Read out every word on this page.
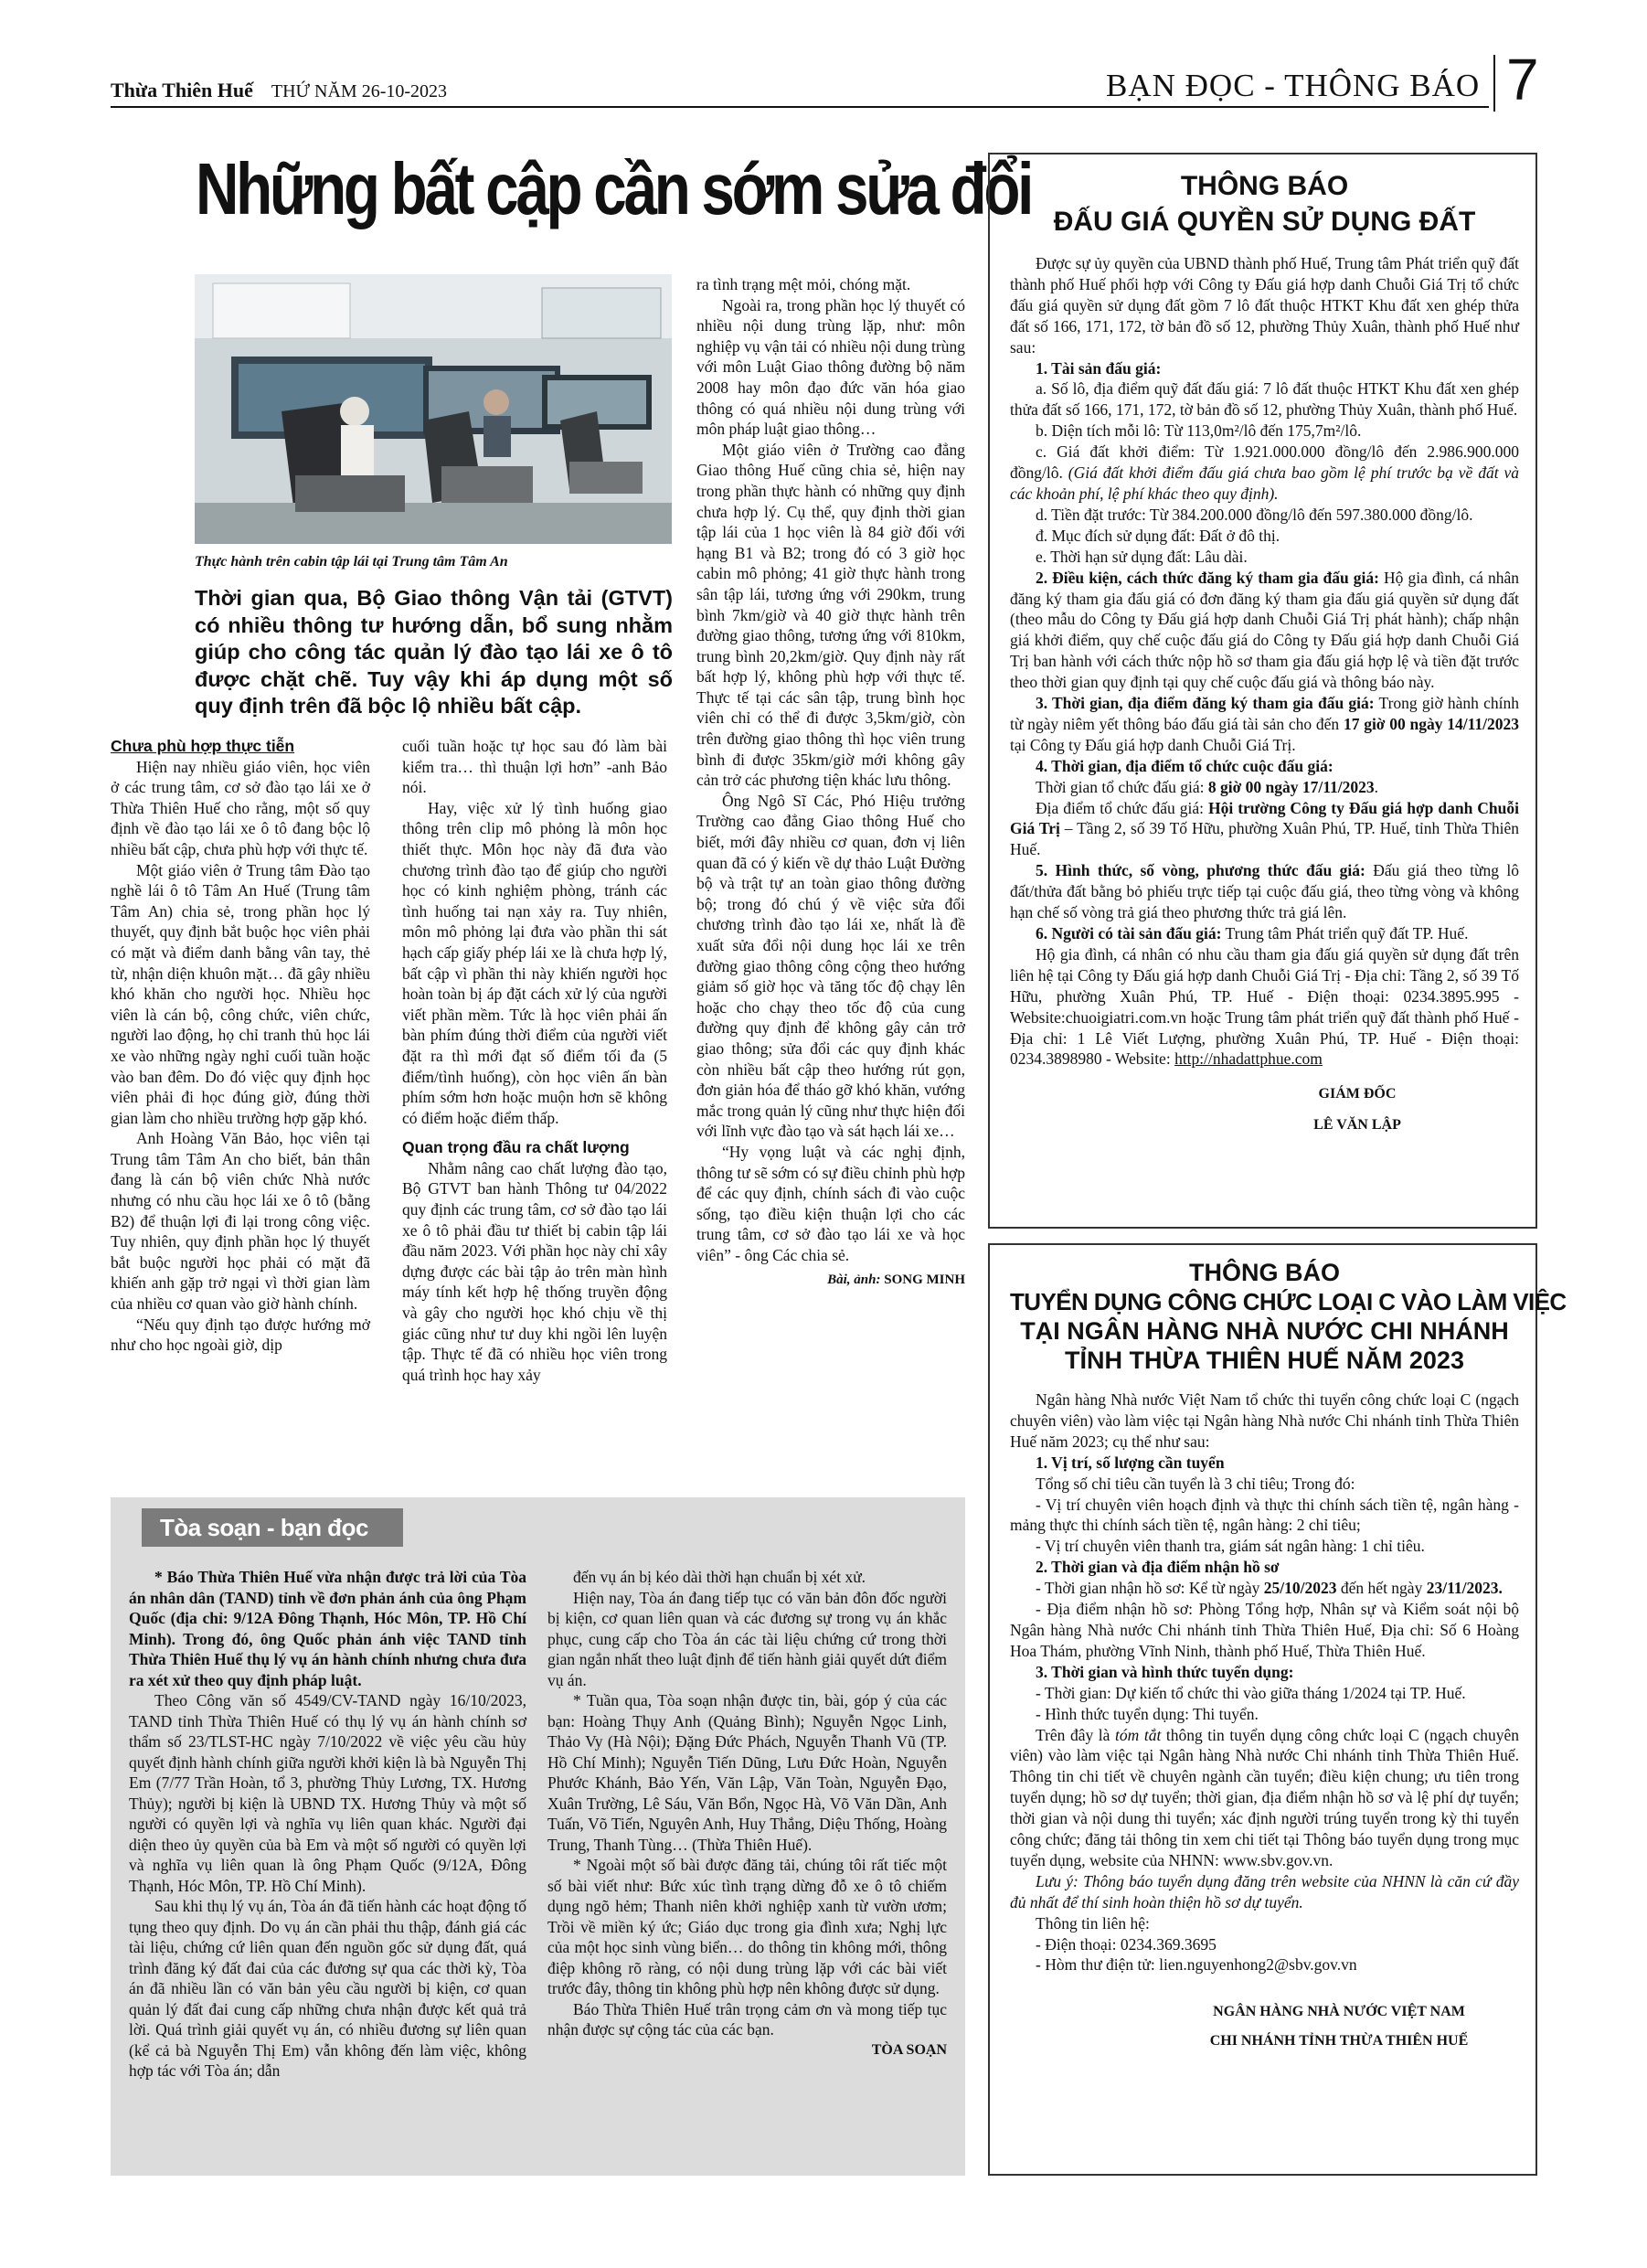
Thừa Thiên Huế THỨ NĂM 26-10-2023	BẠN ĐỌC - THÔNG BÁO 7
Những bất cập cần sớm sửa đổi
Thực hành trên cabin tập lái tại Trung tâm Tâm An
Thời gian qua, Bộ Giao thông Vận tải (GTVT) có nhiều thông tư hướng dẫn, bổ sung nhằm giúp cho công tác quản lý đào tạo lái xe ô tô được chặt chẽ. Tuy vậy khi áp dụng một số quy định trên đã bộc lộ nhiều bất cập.

Chưa phù hợp thực tiễn

Hiện nay nhiều giáo viên, học viên ở các trung tâm, cơ sở đào tạo lái xe ở Thừa Thiên Huế cho rằng, một số quy định về đào tạo lái xe ô tô đang bộc lộ nhiều bất cập, chưa phù hợp với thực tế.

Một giáo viên ở Trung tâm Đào tạo nghề lái ô tô Tâm An Huế (Trung tâm Tâm An) chia sẻ, trong phần học lý thuyết, quy định bắt buộc học viên phải có mặt và điểm danh bằng vân tay, thẻ từ, nhận diện khuôn mặt… đã gây nhiều khó khăn cho người học. Nhiều học viên là cán bộ, công chức, viên chức, người lao động, họ chỉ tranh thủ học lái xe vào những ngày nghỉ cuối tuần hoặc vào ban đêm. Do đó việc quy định học viên phải đi học đúng giờ, đúng thời gian làm cho nhiều trường hợp gặp khó.

Anh Hoàng Văn Bảo, học viên tại Trung tâm Tâm An cho biết, bản thân đang là cán bộ viên chức Nhà nước nhưng có nhu cầu học lái xe ô tô (bằng B2) để thuận lợi đi lại trong công việc. Tuy nhiên, quy định phần học lý thuyết bắt buộc người học phải có mặt đã khiến anh gặp trở ngại vì thời gian làm của nhiều cơ quan vào giờ hành chính.

“Nếu quy định tạo được hướng mở như cho học ngoài giờ, dịp

cuối tuần hoặc tự học sau đó làm bài kiểm tra… thì thuận lợi hơn” -anh Bảo nói.

Hay, việc xử lý tình huống giao thông trên clip mô phỏng là môn học thiết thực. Môn học này đã đưa vào chương trình đào tạo để giúp cho người học có kinh nghiệm phòng, tránh các tình huống tai nạn xảy ra. Tuy nhiên, môn mô phỏng lại đưa vào phần thi sát hạch cấp giấy phép lái xe là chưa hợp lý, bất cập vì phần thi này khiến người học hoàn toàn bị áp đặt cách xử lý của người viết phần mềm. Tức là học viên phải ấn bàn phím đúng thời điểm của người viết đặt ra thì mới đạt số điểm tối đa (5 điểm/tình huống), còn học viên ấn bàn phím sớm hơn hoặc muộn hơn sẽ không có điểm hoặc điểm thấp.

Quan trọng đầu ra chất lượng

Nhằm nâng cao chất lượng đào tạo, Bộ GTVT ban hành Thông tư 04/2022 quy định các trung tâm, cơ sở đào tạo lái xe ô tô phải đầu tư thiết bị cabin tập lái đầu năm 2023. Với phần học này chỉ xây dựng được các bài tập ảo trên màn hình máy tính kết hợp hệ thống truyền động và gây cho người học khó chịu về thị giác cũng như tư duy khi ngồi lên luyện tập. Thực tế đã có nhiều học viên trong quá trình học hay xảy

ra tình trạng mệt mỏi, chóng mặt.

Ngoài ra, trong phần học lý thuyết có nhiều nội dung trùng lặp, như: môn nghiệp vụ vận tải có nhiều nội dung trùng với môn Luật Giao thông đường bộ năm 2008 hay môn đạo đức văn hóa giao thông có quá nhiều nội dung trùng với môn pháp luật giao thông…

Một giáo viên ở Trường cao đẳng Giao thông Huế cũng chia sẻ, hiện nay trong phần thực hành có những quy định chưa hợp lý. Cụ thể, quy định thời gian tập lái của 1 học viên là 84 giờ đối với hạng B1 và B2; trong đó có 3 giờ học cabin mô phỏng; 41 giờ thực hành trong sân tập lái, tương ứng với 290km, trung bình 7km/giờ và 40 giờ thực hành trên đường giao thông, tương ứng với 810km, trung bình 20,2km/giờ. Quy định này rất bất hợp lý, không phù hợp với thực tế. Thực tế tại các sân tập, trung bình học viên chỉ có thể đi được 3,5km/giờ, còn trên đường giao thông thì học viên trung bình đi được 35km/giờ mới không gây cản trở các phương tiện khác lưu thông.

Ông Ngô Sĩ Các, Phó Hiệu trưởng Trường cao đẳng Giao thông Huế cho biết, mới đây nhiều cơ quan, đơn vị liên quan đã có ý kiến về dự thảo Luật Đường bộ và trật tự an toàn giao thông đường bộ; trong đó chú ý về việc sửa đổi chương trình đào tạo lái xe, nhất là đề xuất sửa đổi nội dung học lái xe trên đường giao thông công cộng theo hướng giảm số giờ học và tăng tốc độ chạy lên hoặc cho chạy theo tốc độ của cung đường quy định để không gây cản trở giao thông; sửa đổi các quy định khác còn nhiều bất cập theo hướng rút gọn, đơn giản hóa để tháo gỡ khó khăn, vướng mắc trong quản lý cũng như thực hiện đối với lĩnh vực đào tạo và sát hạch lái xe…

“Hy vọng luật và các nghị định, thông tư sẽ sớm có sự điều chỉnh phù hợp để các quy định, chính sách đi vào cuộc sống, tạo điều kiện thuận lợi cho các trung tâm, cơ sở đào tạo lái xe và học viên” - ông Các chia sẻ.

Bài, ảnh: SONG MINH

Tòa soạn - bạn đọc

* Báo Thừa Thiên Huế vừa nhận được trả lời của Tòa án nhân dân (TAND) tỉnh về đơn phản ánh của ông Phạm Quốc (địa chỉ: 9/12A Đông Thạnh, Hóc Môn, TP. Hồ Chí Minh). Trong đó, ông Quốc phản ánh việc TAND tỉnh Thừa Thiên Huế thụ lý vụ án hành chính nhưng chưa đưa ra xét xử theo quy định pháp luật.

Theo Công văn số 4549/CV-TAND ngày 16/10/2023, TAND tỉnh Thừa Thiên Huế có thụ lý vụ án hành chính sơ thẩm số 23/TLST-HC ngày 7/10/2022 về việc yêu cầu hủy quyết định hành chính giữa người khởi kiện là bà Nguyễn Thị Em (7/77 Trần Hoàn, tổ 3, phường Thủy Lương, TX. Hương Thủy); người bị kiện là UBND TX. Hương Thủy và một số người có quyền lợi và nghĩa vụ liên quan khác. Người đại diện theo ủy quyền của bà Em và một số người có quyền lợi và nghĩa vụ liên quan là ông Phạm Quốc (9/12A, Đông Thạnh, Hóc Môn, TP. Hồ Chí Minh).

Sau khi thụ lý vụ án, Tòa án đã tiến hành các hoạt động tố tụng theo quy định. Do vụ án cần phải thu thập, đánh giá các tài liệu, chứng cứ liên quan đến nguồn gốc sử dụng đất, quá trình đăng ký đất đai của các đương sự qua các thời kỳ, Tòa án đã nhiều lần có văn bản yêu cầu người bị kiện, cơ quan quản lý đất đai cung cấp những chưa nhận được kết quả trả lời. Quá trình giải quyết vụ án, có nhiều đương sự liên quan (kể cả bà Nguyễn Thị Em) vẫn không đến làm việc, không hợp tác với Tòa án; dẫn

đến vụ án bị kéo dài thời hạn chuẩn bị xét xử.

Hiện nay, Tòa án đang tiếp tục có văn bản đôn đốc người bị kiện, cơ quan liên quan và các đương sự trong vụ án khắc phục, cung cấp cho Tòa án các tài liệu chứng cứ trong thời gian ngắn nhất theo luật định để tiến hành giải quyết dứt điểm vụ án.

* Tuần qua, Tòa soạn nhận được tin, bài, góp ý của các bạn: Hoàng Thụy Anh (Quảng Bình); Nguyễn Ngọc Linh, Thảo Vy (Hà Nội); Đặng Đức Phách, Nguyễn Thanh Vũ (TP. Hồ Chí Minh); Nguyễn Tiến Dũng, Lưu Đức Hoàn, Nguyễn Phước Khánh, Bảo Yến, Văn Lập, Văn Toàn, Nguyễn Đạo, Xuân Trường, Lê Sáu, Văn Bổn, Ngọc Hà, Võ Văn Dần, Anh Tuấn, Võ Tiến, Nguyên Anh, Huy Thắng, Diệu Thống, Hoàng Trung, Thanh Tùng… (Thừa Thiên Huế).

* Ngoài một số bài được đăng tải, chúng tôi rất tiếc một số bài viết như: Bức xúc tình trạng dừng đỗ xe ô tô chiếm dụng ngõ hẻm; Thanh niên khởi nghiệp xanh từ vườn ươm; Trồi về miền ký ức; Giáo dục trong gia đình xưa; Nghị lực của một học sinh vùng biển… do thông tin không mới, thông điệp không rõ ràng, có nội dung trùng lặp với các bài viết trước đây, thông tin không phù hợp nên không được sử dụng.

Báo Thừa Thiên Huế trân trọng cảm ơn và mong tiếp tục nhận được sự cộng tác của các bạn.

TÒA SOẠN

THÔNG BÁO
ĐẤU GIÁ QUYỀN SỬ DỤNG ĐẤT

Được sự ủy quyền của UBND thành phố Huế, Trung tâm Phát triển quỹ đất thành phố Huế phối hợp với Công ty Đấu giá hợp danh Chuỗi Giá Trị tổ chức đấu giá quyền sử dụng đất gồm 7 lô đất thuộc HTKT Khu đất xen ghép thửa đất số 166, 171, 172, tờ bản đồ số 12, phường Thủy Xuân, thành phố Huế như sau:

1. Tài sản đấu giá:

a. Số lô, địa điểm quỹ đất đấu giá: 7 lô đất thuộc HTKT Khu đất xen ghép thửa đất số 166, 171, 172, tờ bản đồ số 12, phường Thủy Xuân, thành phố Huế.

b. Diện tích mỗi lô: Từ 113,0m²/lô đến 175,7m²/lô.

c. Giá đất khởi điểm: Từ 1.921.000.000 đồng/lô đến 2.986.900.000 đồng/lô. (Giá đất khởi điểm đấu giá chưa bao gồm lệ phí trước bạ về đất và các khoản phí, lệ phí khác theo quy định).

d. Tiền đặt trước: Từ 384.200.000 đồng/lô đến 597.380.000 đồng/lô.

đ. Mục đích sử dụng đất: Đất ở đô thị.

e. Thời hạn sử dụng đất: Lâu dài.

2. Điều kiện, cách thức đăng ký tham gia đấu giá: Hộ gia đình, cá nhân đăng ký tham gia đấu giá có đơn đăng ký tham gia đấu giá quyền sử dụng đất (theo mẫu do Công ty Đấu giá hợp danh Chuỗi Giá Trị phát hành); chấp nhận giá khởi điểm, quy chế cuộc đấu giá do Công ty Đấu giá hợp danh Chuỗi Giá Trị ban hành với cách thức nộp hồ sơ tham gia đấu giá hợp lệ và tiền đặt trước theo thời gian quy định tại quy chế cuộc đấu giá và thông báo này.

3. Thời gian, địa điểm đăng ký tham gia đấu giá: Trong giờ hành chính từ ngày niêm yết thông báo đấu giá tài sản cho đến 17 giờ 00 ngày 14/11/2023 tại Công ty Đấu giá hợp danh Chuỗi Giá Trị.

4. Thời gian, địa điểm tổ chức cuộc đấu giá:

Thời gian tổ chức đấu giá: 8 giờ 00 ngày 17/11/2023.

Địa điểm tổ chức đấu giá: Hội trường Công ty Đấu giá hợp danh Chuỗi Giá Trị – Tầng 2, số 39 Tố Hữu, phường Xuân Phú, TP. Huế, tỉnh Thừa Thiên Huế.

5. Hình thức, số vòng, phương thức đấu giá: Đấu giá theo từng lô đất/thửa đất bằng bỏ phiếu trực tiếp tại cuộc đấu giá, theo từng vòng và không hạn chế số vòng trả giá theo phương thức trả giá lên.

6. Người có tài sản đấu giá: Trung tâm Phát triển quỹ đất TP. Huế.

Hộ gia đình, cá nhân có nhu cầu tham gia đấu giá quyền sử dụng đất trên liên hệ tại Công ty Đấu giá hợp danh Chuỗi Giá Trị - Địa chỉ: Tầng 2, số 39 Tố Hữu, phường Xuân Phú, TP. Huế - Điện thoại: 0234.3895.995 - Website:chuoigiatri.com.vn hoặc Trung tâm phát triển quỹ đất thành phố Huế - Địa chỉ: 1 Lê Viết Lượng, phường Xuân Phú, TP. Huế - Điện thoại: 0234.3898980 - Website: http://nhadattphue.com

GIÁM ĐỐC
LÊ VĂN LẬP
THÔNG BÁO
TUYỂN DỤNG CÔNG CHỨC LOẠI C VÀO LÀM VIỆC
TẠI NGÂN HÀNG NHÀ NƯỚC CHI NHÁNH
TỈNH THỪA THIÊN HUẾ NĂM 2023

Ngân hàng Nhà nước Việt Nam tổ chức thi tuyển công chức loại C (ngạch chuyên viên) vào làm việc tại Ngân hàng Nhà nước Chi nhánh tỉnh Thừa Thiên Huế năm 2023; cụ thể như sau:

1. Vị trí, số lượng cần tuyển

Tổng số chỉ tiêu cần tuyển là 3 chỉ tiêu; Trong đó:

- Vị trí chuyên viên hoạch định và thực thi chính sách tiền tệ, ngân hàng - mảng thực thi chính sách tiền tệ, ngân hàng: 2 chỉ tiêu;

- Vị trí chuyên viên thanh tra, giám sát ngân hàng: 1 chỉ tiêu.

2. Thời gian và địa điểm nhận hồ sơ

- Thời gian nhận hồ sơ: Kể từ ngày 25/10/2023 đến hết ngày 23/11/2023.

- Địa điểm nhận hồ sơ: Phòng Tổng hợp, Nhân sự và Kiểm soát nội bộ Ngân hàng Nhà nước Chi nhánh tỉnh Thừa Thiên Huế, Địa chỉ: Số 6 Hoàng Hoa Thám, phường Vĩnh Ninh, thành phố Huế, Thừa Thiên Huế.

3. Thời gian và hình thức tuyển dụng:

- Thời gian: Dự kiến tổ chức thi vào giữa tháng 1/2024 tại TP. Huế.

- Hình thức tuyển dụng: Thi tuyển.

Trên đây là tóm tắt thông tin tuyển dụng công chức loại C (ngạch chuyên viên) vào làm việc tại Ngân hàng Nhà nước Chi nhánh tỉnh Thừa Thiên Huế. Thông tin chi tiết về chuyên ngành cần tuyển; điều kiện chung; ưu tiên trong tuyển dụng; hồ sơ dự tuyển; thời gian, địa điểm nhận hồ sơ và lệ phí dự tuyển; thời gian và nội dung thi tuyển; xác định người trúng tuyển trong kỳ thi tuyển công chức; đăng tải thông tin xem chi tiết tại Thông báo tuyển dụng trong mục tuyển dụng, website của NHNN: www.sbv.gov.vn.

Lưu ý: Thông báo tuyển dụng đăng trên website của NHNN là căn cứ đầy đủ nhất để thí sinh hoàn thiện hồ sơ dự tuyển.

Thông tin liên hệ:

- Điện thoại: 0234.369.3695

- Hòm thư điện tử: lien.nguyenhong2@sbv.gov.vn

NGÂN HÀNG NHÀ NƯỚC VIỆT NAM
CHI NHÁNH TỈNH THỪA THIÊN HUẾ
